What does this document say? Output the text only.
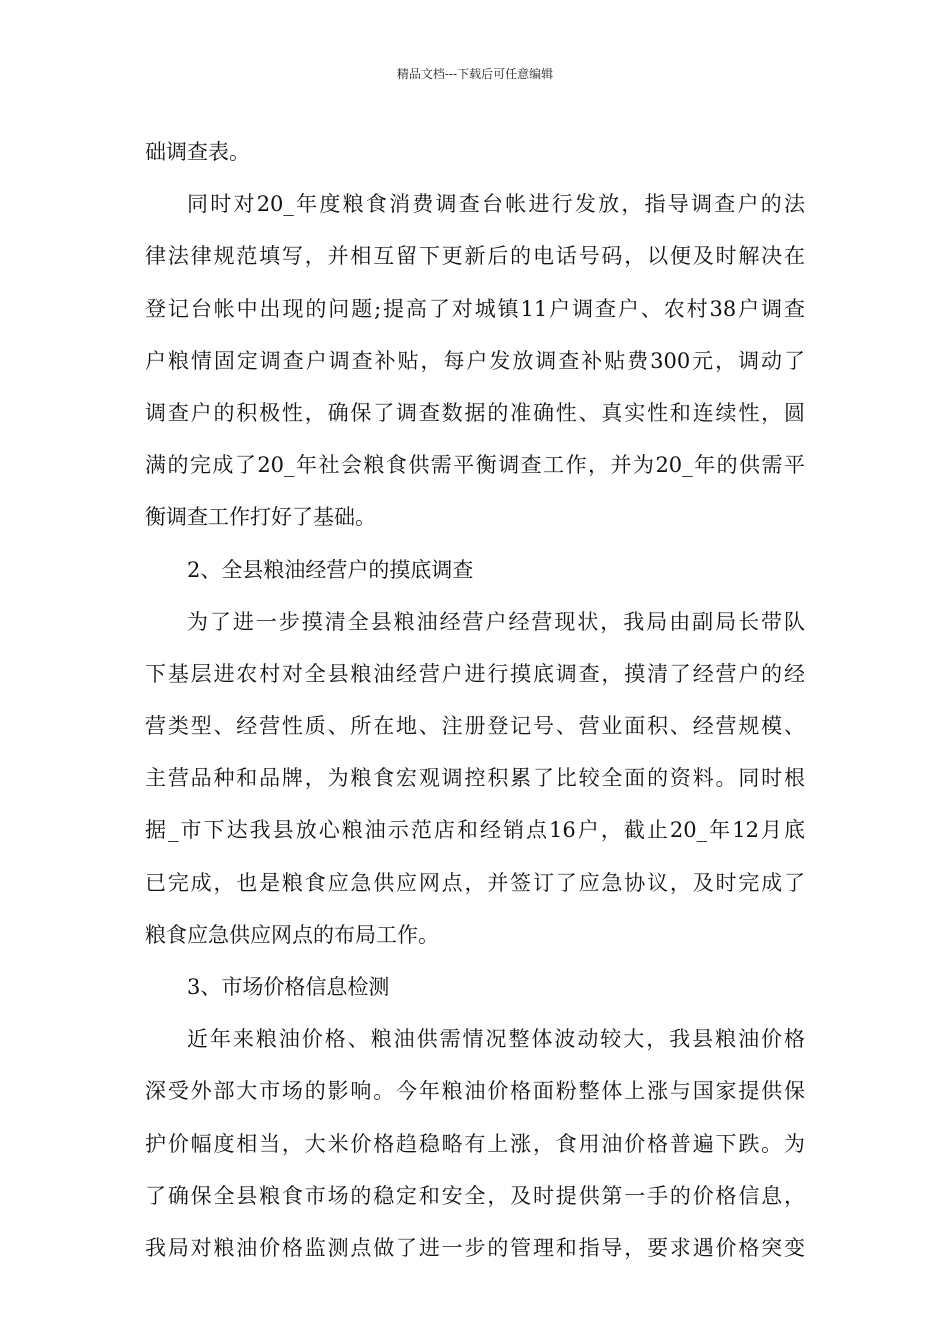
精品文档---下载后可任意编辑
础调查表。
同时对20_年度粮食消费调查台帐进行发放，指导调查户的法
律法律规范填写，并相互留下更新后的电话号码，以便及时解决在
登记台帐中出现的问题;提高了对城镇11户调查户、农村38户调查
户粮情固定调查户调查补贴，每户发放调查补贴费300元，调动了
调查户的积极性，确保了调查数据的准确性、真实性和连续性，圆
满的完成了20_年社会粮食供需平衡调查工作，并为20_年的供需平
衡调查工作打好了基础。
2、全县粮油经营户的摸底调查
为了进一步摸清全县粮油经营户经营现状，我局由副局长带队
下基层进农村对全县粮油经营户进行摸底调查，摸清了经营户的经
营类型、经营性质、所在地、注册登记号、营业面积、经营规模、
主营品种和品牌，为粮食宏观调控积累了比较全面的资料。同时根
据_市下达我县放心粮油示范店和经销点16户，截止20_年12月底
已完成，也是粮食应急供应网点，并签订了应急协议，及时完成了
粮食应急供应网点的布局工作。
3、市场价格信息检测
近年来粮油价格、粮油供需情况整体波动较大，我县粮油价格
深受外部大市场的影响。今年粮油价格面粉整体上涨与国家提供保
护价幅度相当，大米价格趋稳略有上涨，食用油价格普遍下跌。为
了确保全县粮食市场的稳定和安全，及时提供第一手的价格信息，
我局对粮油价格监测点做了进一步的管理和指导，要求遇价格突变
